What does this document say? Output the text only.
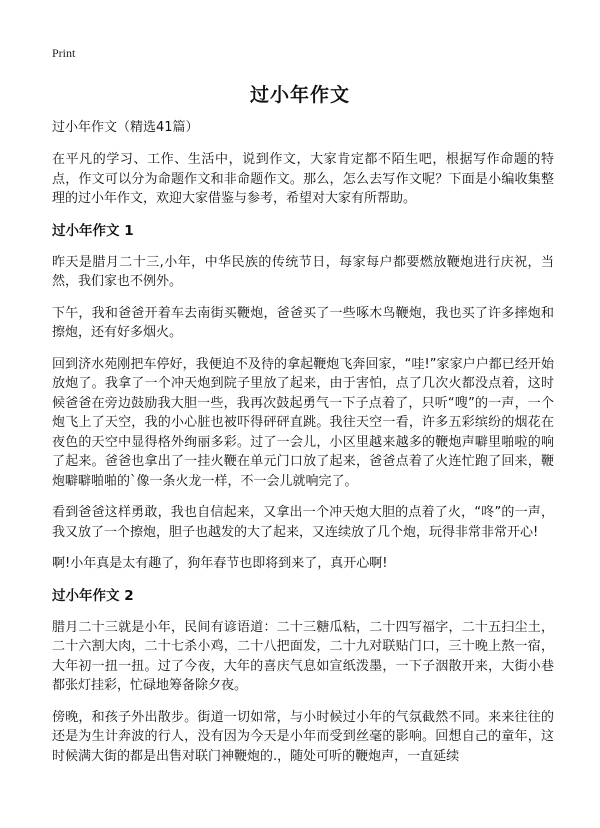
Print
过小年作文
过小年作文（精选41篇）

在平凡的学习、工作、生活中，说到作文，大家肯定都不陌生吧，根据写作命题的特点，作文可以分为命题作文和非命题作文。那么，怎么去写作文呢？下面是小编收集整理的过小年作文，欢迎大家借鉴与参考，希望对大家有所帮助。

过小年作文 1

昨天是腊月二十三,小年，中华民族的传统节日，每家每户都要燃放鞭炮进行庆祝，当然，我们家也不例外。

下午，我和爸爸开着车去南街买鞭炮，爸爸买了一些啄木鸟鞭炮，我也买了许多摔炮和擦炮，还有好多烟火。

回到济水苑刚把车停好，我便迫不及待的拿起鞭炮飞奔回家，“哇!”家家户户都已经开始放炮了。我拿了一个冲天炮到院子里放了起来，由于害怕，点了几次火都没点着，这时候爸爸在旁边鼓励我大胆一些，我再次鼓起勇气一下子点着了，只听“嗖”的一声，一个炮飞上了天空，我的小心脏也被吓得砰砰直跳。我往天空一看，许多五彩缤纷的烟花在夜色的天空中显得格外绚丽多彩。过了一会儿，小区里越来越多的鞭炮声噼里啪啦的响了起来。爸爸也拿出了一挂火鞭在单元门口放了起来，爸爸点着了火连忙跑了回来，鞭炮噼噼啪啪的`像一条火龙一样，不一会儿就响完了。

看到爸爸这样勇敢，我也自信起来，又拿出一个冲天炮大胆的点着了火，“咚”的一声，我又放了一个擦炮，胆子也越发的大了起来，又连续放了几个炮，玩得非常非常开心!

啊!小年真是太有趣了，狗年春节也即将到来了，真开心啊!

过小年作文 2

腊月二十三就是小年，民间有谚语道：二十三糖瓜粘，二十四写福字，二十五扫尘土，二十六割大肉，二十七杀小鸡，二十八把面发，二十九对联贴门口，三十晚上熬一宿，大年初一扭一扭。过了今夜，大年的喜庆气息如宣纸泼墨，一下子洇散开来，大街小巷都张灯挂彩，忙碌地筹备除夕夜。

傍晚，和孩子外出散步。街道一切如常，与小时候过小年的气氛截然不同。来来往往的还是为生计奔波的行人，没有因为今天是小年而受到丝毫的影响。回想自己的童年，这时候满大街的都是出售对联门神鞭炮的.，随处可听的鞭炮声，一直延续
